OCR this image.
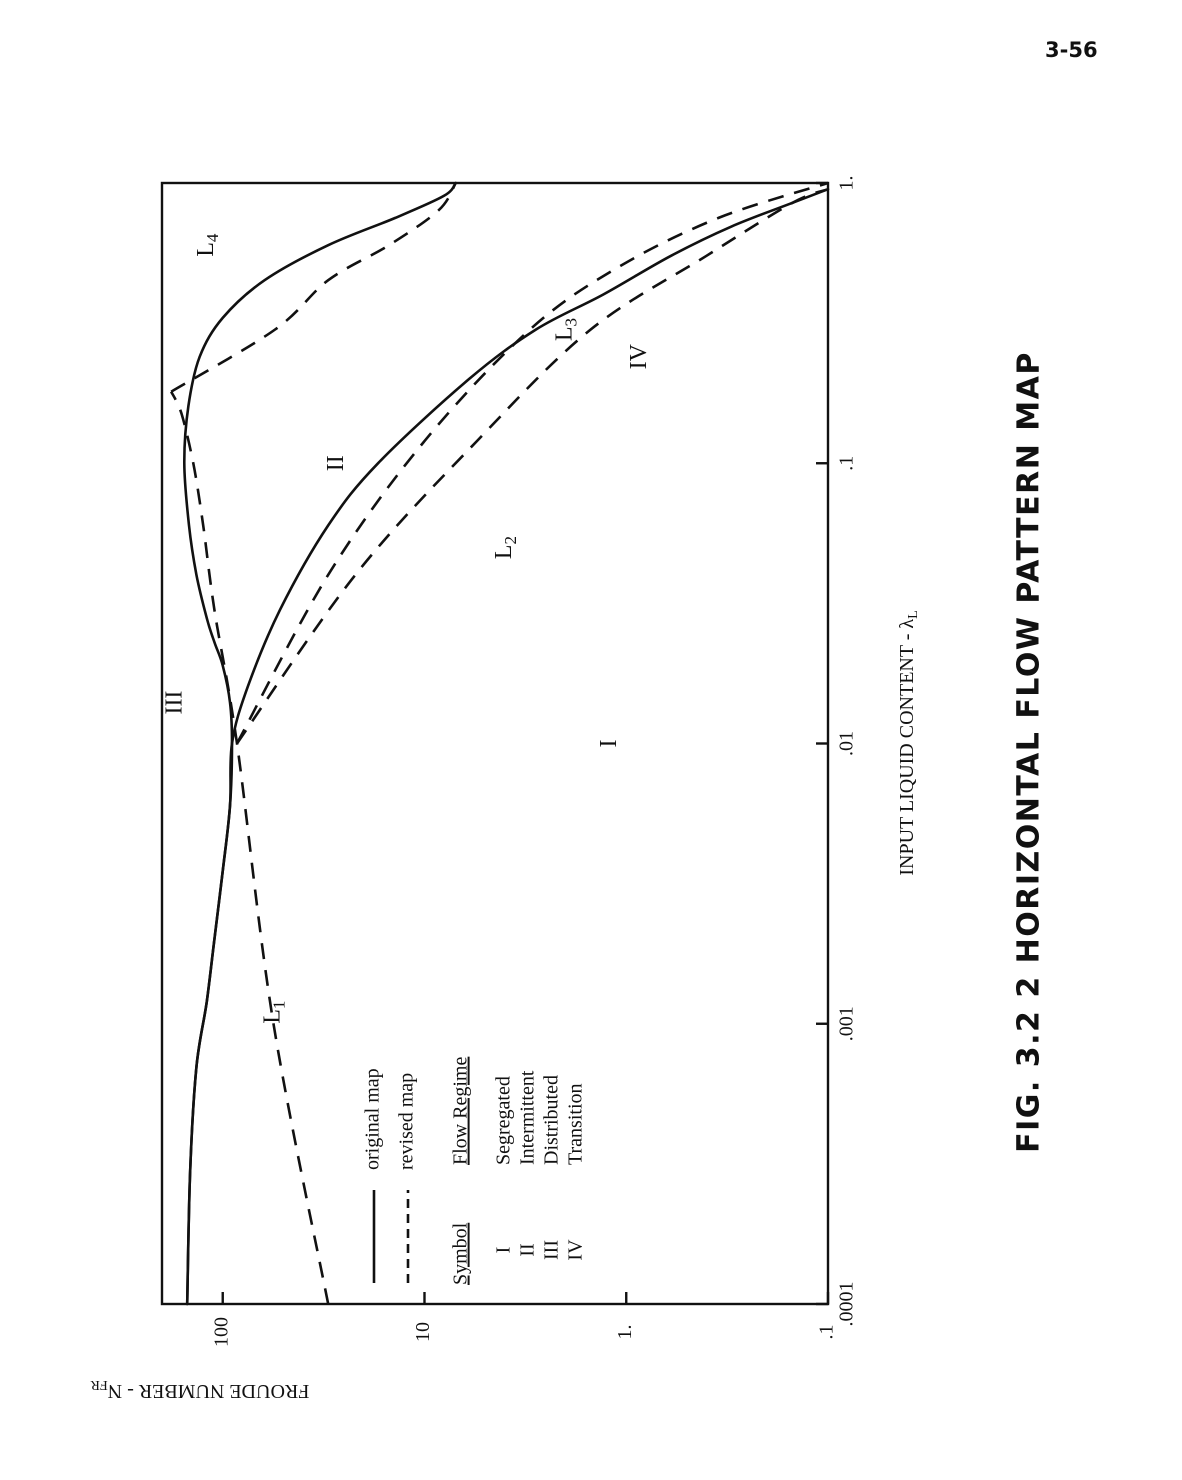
3-56
.0001
.001
.01
.1
1.
.1
1.
10
100
$L_1$
$L_2$
$L_3$
$L_4$
I
II
III
IV
original map revised map
Symbol
Flow Regime
I
Segregated
II
Intermittent
III
Distributed
IV
Transition
INPUT LIQUID CONTENT - $\lambda_L$
FROUDE NUMBER - $N_{FR}$
FIG. 3.2 2 HORIZONTAL FLOW PATTERN MAP
